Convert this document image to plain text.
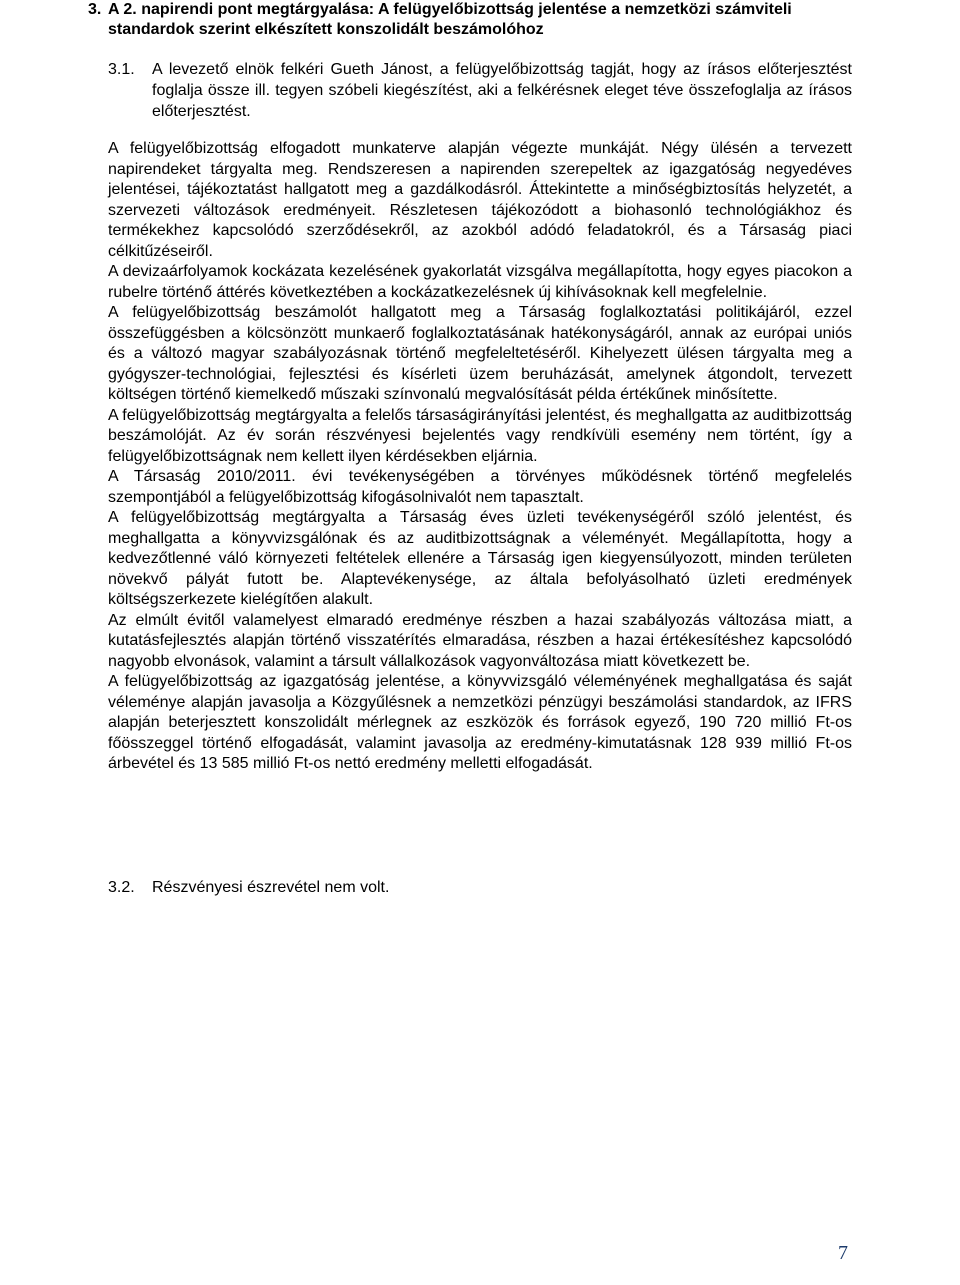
3. A 2. napirendi pont megtárgyalása: A felügyelőbizottság jelentése a nemzetközi számviteli standardok szerint elkészített konszolidált beszámolóhoz
3.1. A levezető elnök felkéri Gueth Jánost, a felügyelőbizottság tagját, hogy az írásos előterjesztést foglalja össze ill. tegyen szóbeli kiegészítést, aki a felkérésnek eleget téve összefoglalja az írásos előterjesztést.

A felügyelőbizottság elfogadott munkaterve alapján végezte munkáját. Négy ülésén a tervezett napirendeket tárgyalta meg. Rendszeresen a napirenden szerepeltek az igazgatóság negyedéves jelentései, tájékoztatást hallgatott meg a gazdálkodásról. Áttekintette a minőségbiztosítás helyzetét, a szervezeti változások eredményeit. Részletesen tájékozódott a biohasonló technológiákhoz és termékekhez kapcsolódó szerződésekről, az azokból adódó feladatokról, és a Társaság piaci célkitűzéseiről.

A devizaárfolyamok kockázata kezelésének gyakorlatát vizsgálva megállapította, hogy egyes piacokon a rubelre történő áttérés következtében a kockázatkezelésnek új kihívásoknak kell megfelelnie.

A felügyelőbizottság beszámolót hallgatott meg a Társaság foglalkoztatási politikájáról, ezzel összefüggésben a kölcsönzött munkaerő foglalkoztatásának hatékonyságáról, annak az európai uniós és a változó magyar szabályozásnak történő megfeleltetéséről. Kihelyezett ülésen tárgyalta meg a gyógyszer-technológiai, fejlesztési és kísérleti üzem beruházását, amelynek átgondolt, tervezett költségen történő kiemelkedő műszaki színvonalú megvalósítását példa értékűnek minősítette.

A felügyelőbizottság megtárgyalta a felelős társaságirányítási jelentést, és meghallgatta az auditbizottság beszámolóját. Az év során részvényesi bejelentés vagy rendkívüli esemény nem történt, így a felügyelőbizottságnak nem kellett ilyen kérdésekben eljárnia.

A Társaság 2010/2011. évi tevékenységében a törvényes működésnek történő megfelelés szempontjából a felügyelőbizottság kifogásolnivalót nem tapasztalt.

A felügyelőbizottság megtárgyalta a Társaság éves üzleti tevékenységéről szóló jelentést, és meghallgatta a könyvvizsgálónak és az auditbizottságnak a véleményét. Megállapította, hogy a kedvezőtlenné váló környezeti feltételek ellenére a Társaság igen kiegyensúlyozott, minden területen növekvő pályát futott be. Alaptevékenysége, az általa befolyásolható üzleti eredmények költségszerkezete kielégítően alakult.

Az elmúlt évitől valamelyest elmaradó eredménye részben a hazai szabályozás változása miatt, a kutatásfejlesztés alapján történő visszatérítés elmaradása, részben a hazai értékesítéshez kapcsolódó nagyobb elvonások, valamint a társult vállalkozások vagyonváltozása miatt következett be.

A felügyelőbizottság az igazgatóság jelentése, a könyvvizsgáló véleményének meghallgatása és saját véleménye alapján javasolja a Közgyűlésnek a nemzetközi pénzügyi beszámolási standardok, az IFRS alapján beterjesztett konszolidált mérlegnek az eszközök és források egyező, 190 720 millió Ft-os főösszeggel történő elfogadását, valamint javasolja az eredmény-kimutatásnak 128 939 millió Ft-os árbevétel és 13 585 millió Ft-os nettó eredmény melletti elfogadását.

3.2. Részvényesi észrevétel nem volt.
7
